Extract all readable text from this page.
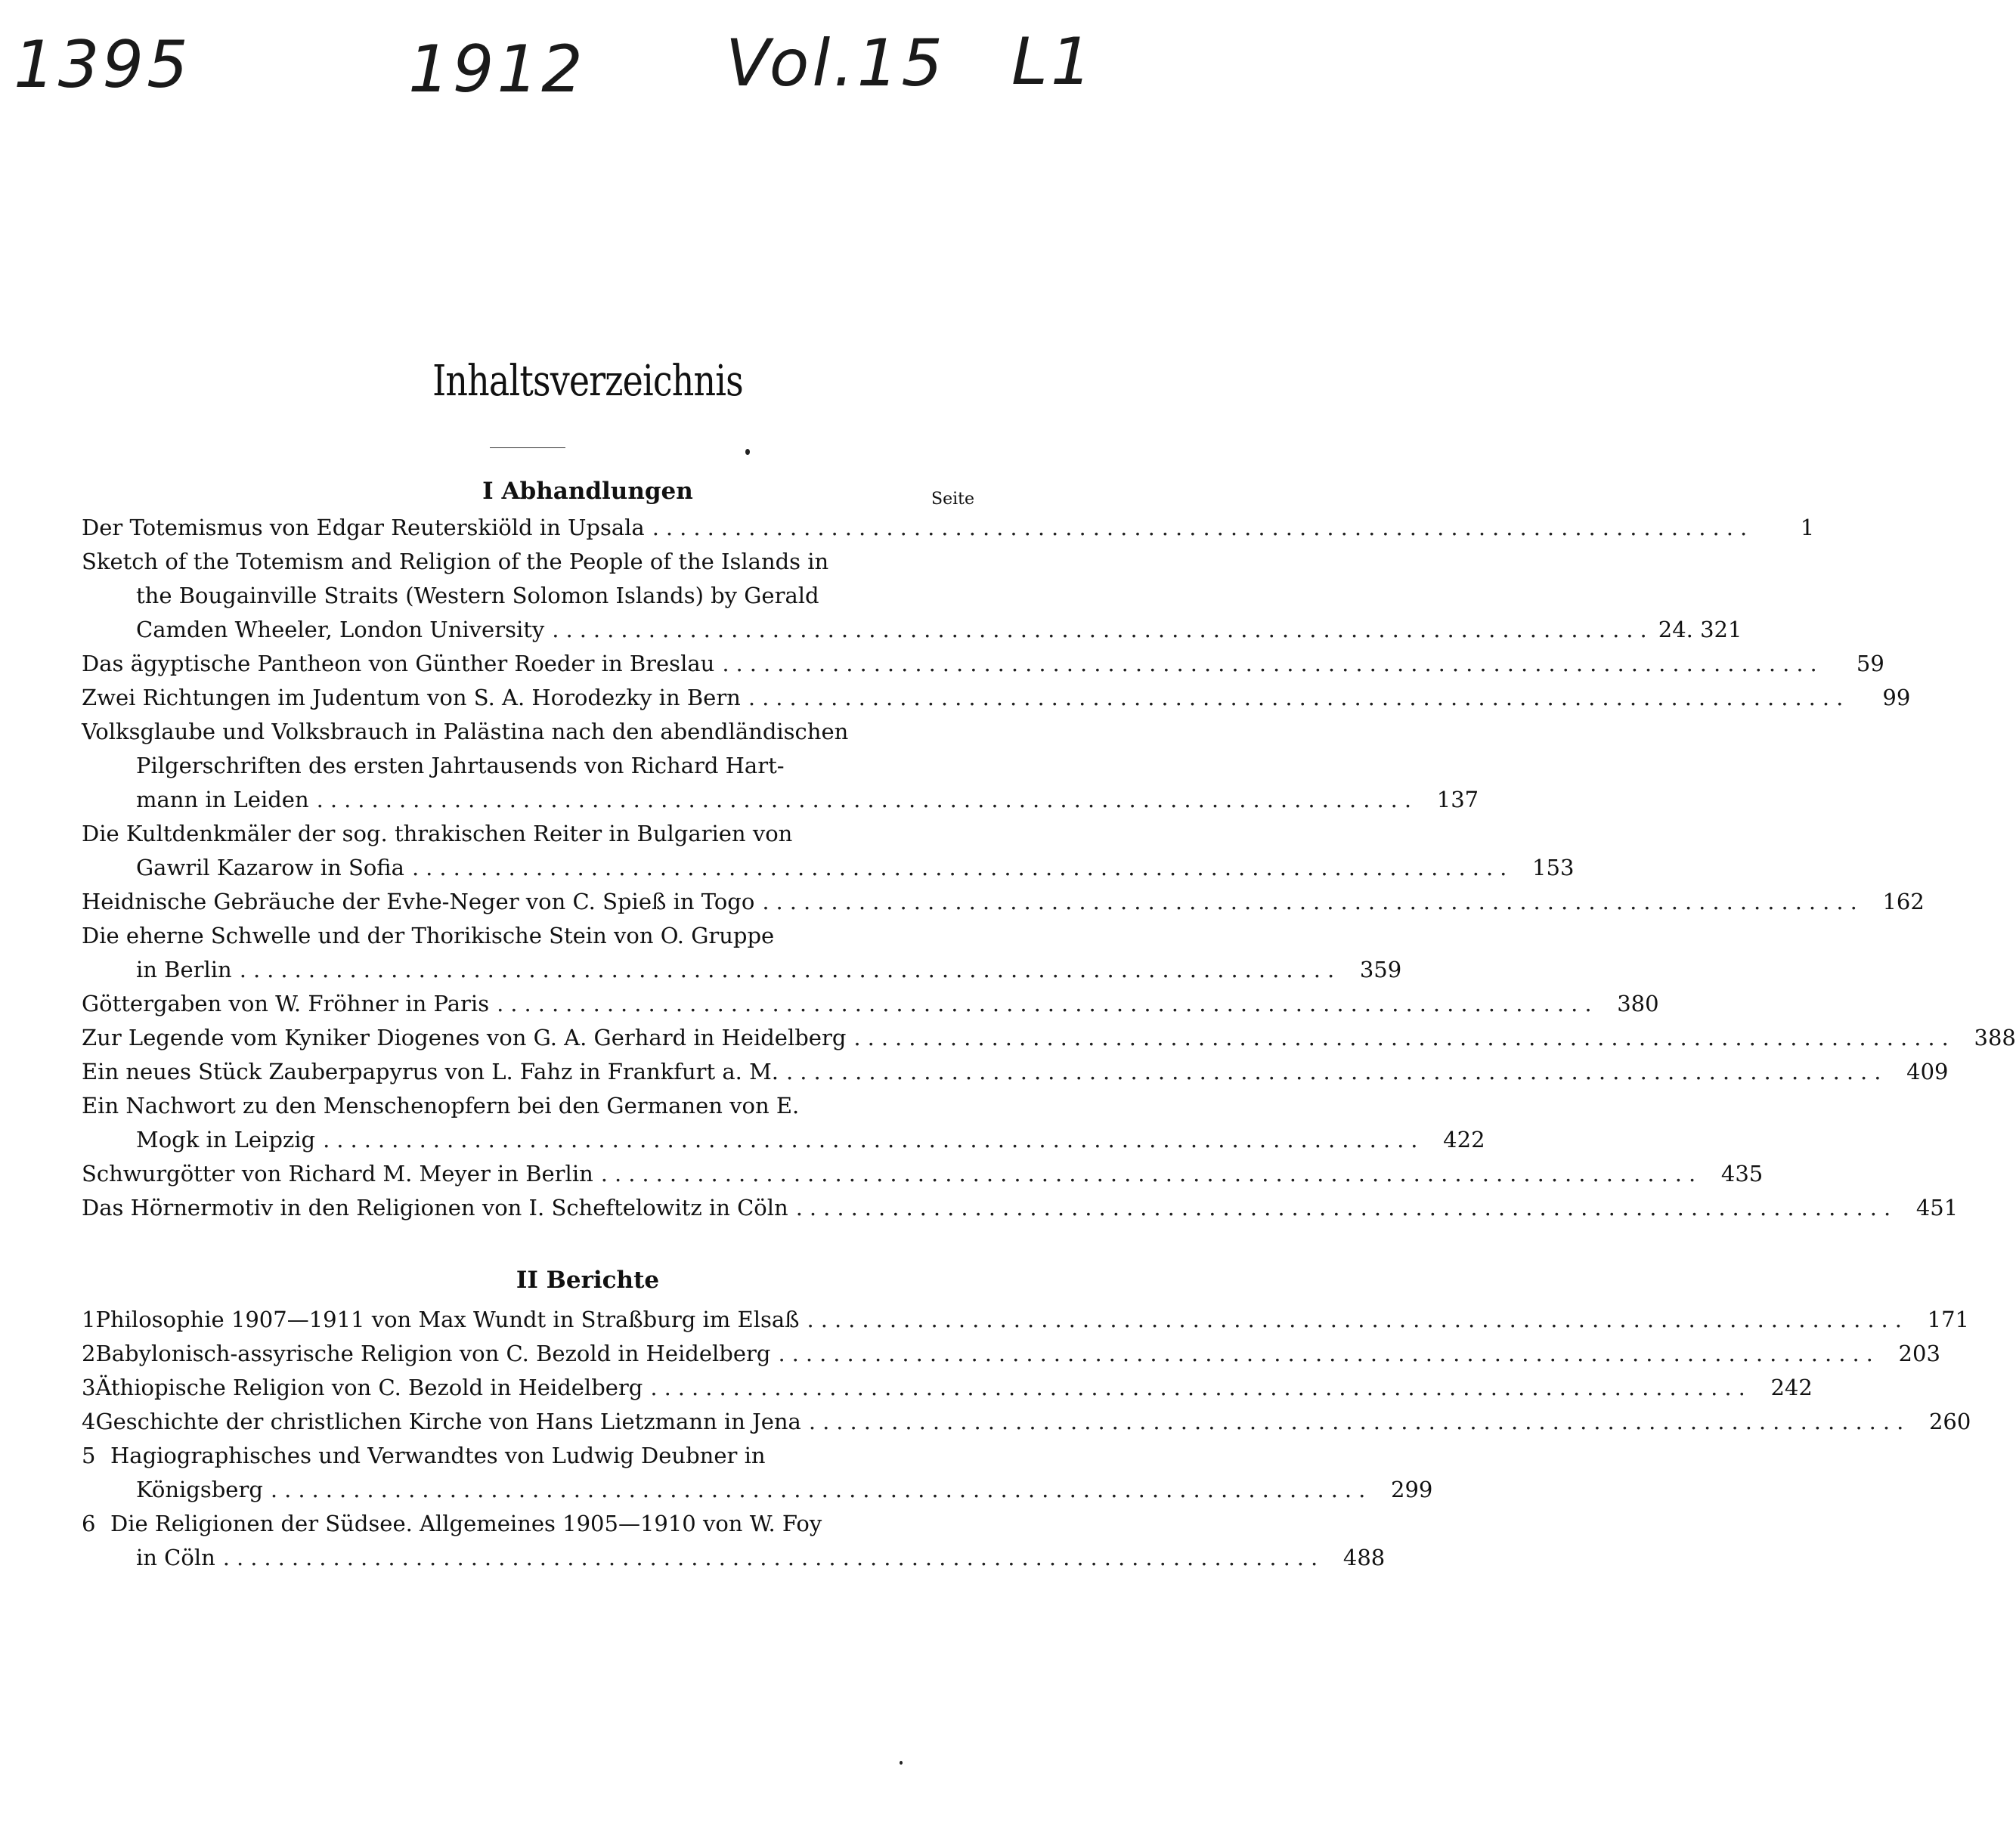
1395	1912 Vol.15 L1
Inhaltsverzeichnis
I Abhandlungen	Seite
Der Totemismus von Edgar Reuterskiöld in Upsala ................................................................................	1
Sketch of the Totemism and Religion of the People of the Islands in
the Bougainville Straits (Western Solomon Islands) by Gerald
Camden Wheeler, London University ................................................................................ 24. 321
Das ägyptische Pantheon von Günther Roeder in Breslau ................................................................................	59
Zwei Richtungen im Judentum von S. A. Horodezky in Bern ................................................................................	99
Volksglaube und Volksbrauch in Palästina nach den abendländischen
Pilgerschriften des ersten Jahrtausends von Richard Hart-
mann in Leiden ................................................................................ 137
Die Kultdenkmäler der sog. thrakischen Reiter in Bulgarien von
Gawril Kazarow in Sofia ................................................................................ 153
Heidnische Gebräuche der Evhe-Neger von C. Spieß in Togo ................................................................................ 162
Die eherne Schwelle und der Thorikische Stein von O. Gruppe
in Berlin ................................................................................ 359
Göttergaben von W. Fröhner in Paris ................................................................................ 380
Zur Legende vom Kyniker Diogenes von G. A. Gerhard in Heidelberg ................................................................................ 388
Ein neues Stück Zauberpapyrus von L. Fahz in Frankfurt a. M. ................................................................................ 409
Ein Nachwort zu den Menschenopfern bei den Germanen von E.
Mogk in Leipzig ................................................................................ 422
Schwurgötter von Richard M. Meyer in Berlin ................................................................................ 435
Das Hörnermotiv in den Religionen von I. Scheftelowitz in Cöln ................................................................................ 451
II Berichte
1 Philosophie 1907—1911 von Max Wundt in Straßburg im Elsaß ................................................................................ 171
2 Babylonisch-assyrische Religion von C. Bezold in Heidelberg ................................................................................ 203
3 Äthiopische Religion von C. Bezold in Heidelberg ................................................................................ 242
4 Geschichte der christlichen Kirche von Hans Lietzmann in Jena ................................................................................ 260
5 Hagiographisches und Verwandtes von Ludwig Deubner in
Königsberg ................................................................................ 299
6 Die Religionen der Südsee. Allgemeines 1905—1910 von W. Foy
in Cöln ................................................................................ 488
